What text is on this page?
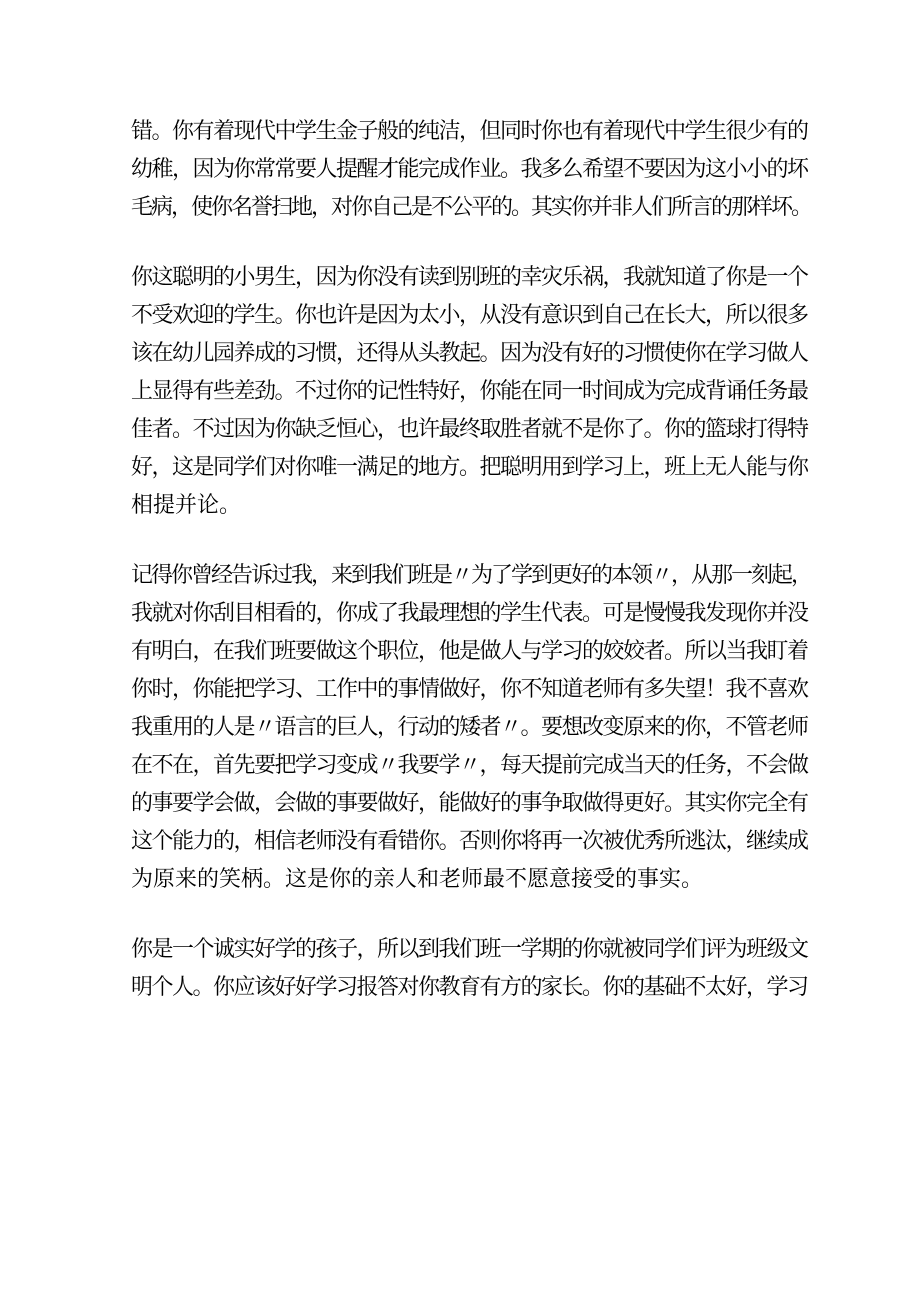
错。你有着现代中学生金子般的纯洁，但同时你也有着现代中学生很少有的
幼稚，因为你常常要人提醒才能完成作业。我多么希望不要因为这小小的坏
毛病，使你名誉扫地，对你自己是不公平的。其实你并非人们所言的那样坏。
你这聪明的小男生，因为你没有读到别班的幸灾乐祸，我就知道了你是一个
不受欢迎的学生。你也许是因为太小，从没有意识到自己在长大，所以很多
该在幼儿园养成的习惯，还得从头教起。因为没有好的习惯使你在学习做人
上显得有些差劲。不过你的记性特好，你能在同一时间成为完成背诵任务最
佳者。不过因为你缺乏恒心，也许最终取胜者就不是你了。你的篮球打得特
好，这是同学们对你唯一满足的地方。把聪明用到学习上，班上无人能与你
相提并论。
记得你曾经告诉过我，来到我们班是〃为了学到更好的本领〃，从那一刻起，
我就对你刮目相看的，你成了我最理想的学生代表。可是慢慢我发现你并没
有明白，在我们班要做这个职位，他是做人与学习的姣姣者。所以当我盯着
你时，你能把学习、工作中的事情做好，你不知道老师有多失望！我不喜欢
我重用的人是〃语言的巨人，行动的矮者〃。要想改变原来的你，不管老师
在不在，首先要把学习变成〃我要学〃，每天提前完成当天的任务，不会做
的事要学会做，会做的事要做好，能做好的事争取做得更好。其实你完全有
这个能力的，相信老师没有看错你。否则你将再一次被优秀所逃汰，继续成
为原来的笑柄。这是你的亲人和老师最不愿意接受的事实。
你是一个诚实好学的孩子，所以到我们班一学期的你就被同学们评为班级文
明个人。你应该好好学习报答对你教育有方的家长。你的基础不太好，学习
